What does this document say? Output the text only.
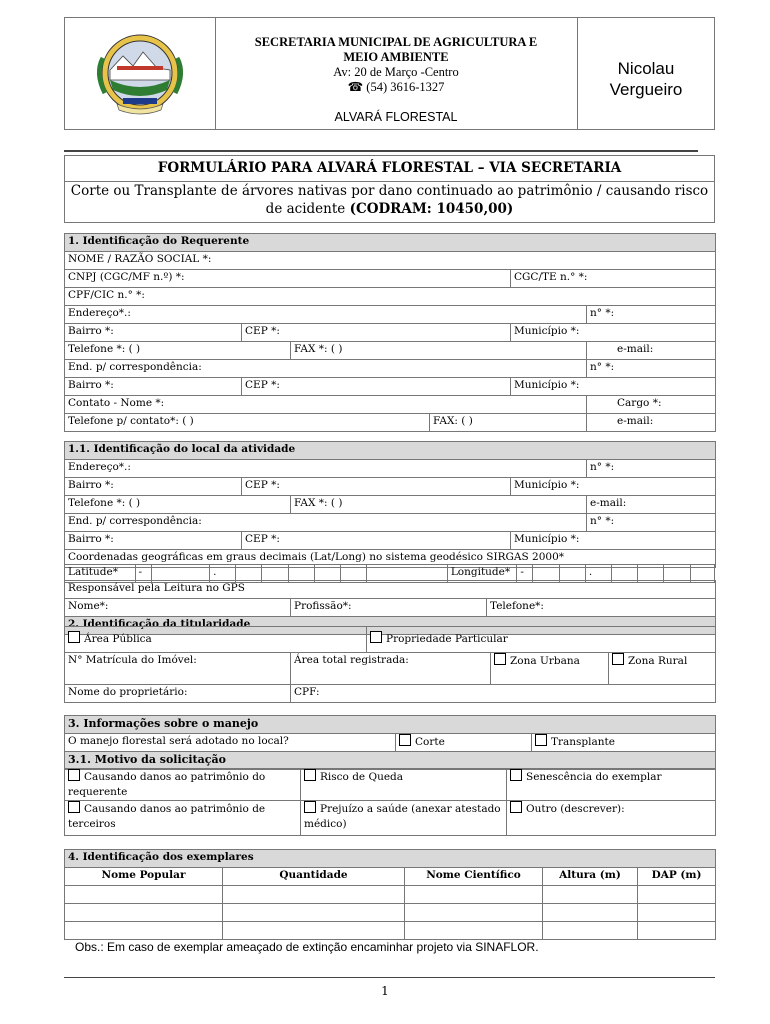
SECRETARIA MUNICIPAL DE AGRICULTURA E
MEIO AMBIENTE
Av: 20 de Março -Centro
☎ (54) 3616-1327
ALVARÁ FLORESTAL
Nicolau
Vergueiro
FORMULÁRIO PARA ALVARÁ FLORESTAL – VIA SECRETARIA
Corte ou Transplante de árvores nativas por dano continuado ao patrimônio / causando risco de acidente (CODRAM: 10450,00)
1. Identificação do Requerente					
NOME / RAZÃO SOCIAL *:					
CNPJ (CGC/MF n.º) *:				CGC/TE n.° *:	
CPF/CIC n.° *:					
Endereço*.:					n° *:
Bairro *:	CEP *:			Município *:	
Telefone *: ( )		FAX *: ( )			e-mail:
End. p/ correspondência:					n° *:
Bairro *:	CEP *:			Município *:	
Contato - Nome *:					Cargo *:
Telefone p/ contato*: ( )			FAX: ( )		e-mail:
1.1. Identificação do local da atividade				
Endereço*.:				n° *:
Bairro *:	CEP *:		Município *:	
Telefone *: ( )		FAX *: ( )		e-mail:
End. p/ correspondência:				n° *:
Bairro *:	CEP *:		Município *:	
Coordenadas geográficas em graus decimais (Lat/Long) no sistema geodésico SIRGAS 2000*				
Latitude*	-		.							Longitude*	-			.				
Responsável pela Leitura no GPS
Nome*:	Profissão*:	Telefone*:
2. Identificação da titularidade
Área Pública		Propriedade Particular		
N° Matrícula do Imóvel:	Área total registrada:		Zona Urbana	Zona Rural
Nome do proprietário:	CPF:			
3. Informações sobre o manejo
O manejo florestal será adotado no local?	Corte	Transplante
3.1. Motivo da solicitação
Causando danos ao patrimônio do requerente	Risco de Queda	Senescência do exemplar
Causando danos ao patrimônio de terceiros	Prejuízo a saúde (anexar atestado médico)	Outro (descrever):
4. Identificação dos exemplares				
Nome Popular	Quantidade	Nome Científico	Altura (m)	DAP (m)

Obs.: Em caso de exemplar ameaçado de extinção encaminhar projeto via SINAFLOR.
1
